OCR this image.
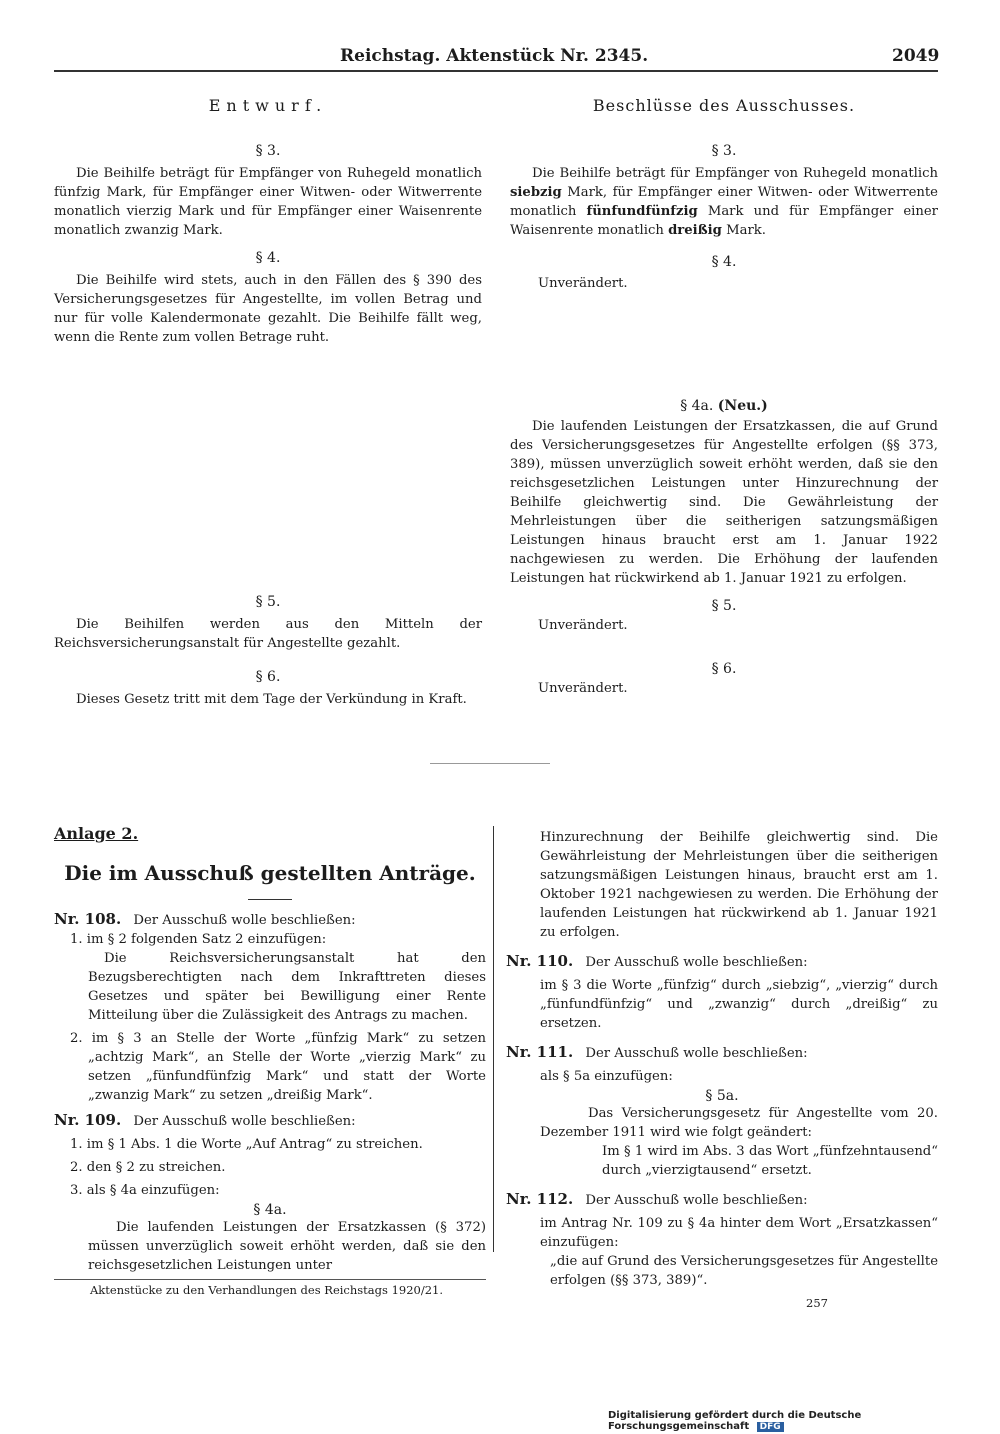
Reichstag. Aktenstück Nr. 2345.	2049
Entwurf.
§ 3.

Die Beihilfe beträgt für Empfänger von Ruhegeld monatlich fünfzig Mark, für Empfänger einer Witwen- oder Witwerrente monatlich vierzig Mark und für Empfänger einer Waisenrente monatlich zwanzig Mark.

§ 4.

Die Beihilfe wird stets, auch in den Fällen des § 390 des Versicherungsgesetzes für Angestellte, im vollen Betrag und nur für volle Kalendermonate gezahlt. Die Beihilfe fällt weg, wenn die Rente zum vollen Betrage ruht.

§ 5.

Die Beihilfen werden aus den Mitteln der Reichsversicherungsanstalt für Angestellte gezahlt.

§ 6.

Dieses Gesetz tritt mit dem Tage der Verkündung in Kraft.

Beschlüsse des Ausschusses.
§ 3.

Die Beihilfe beträgt für Empfänger von Ruhegeld monatlich siebzig Mark, für Empfänger einer Witwen- oder Witwerrente monatlich fünfundfünfzig Mark und für Empfänger einer Waisenrente monatlich dreißig Mark.

§ 4.

Unverändert.

§ 4a. (Neu.)

Die laufenden Leistungen der Ersatzkassen, die auf Grund des Versicherungsgesetzes für Angestellte erfolgen (§§ 373, 389), müssen unverzüglich soweit erhöht werden, daß sie den reichsgesetzlichen Leistungen unter Hinzurechnung der Beihilfe gleichwertig sind. Die Gewährleistung der Mehrleistungen über die seitherigen satzungsmäßigen Leistungen hinaus braucht erst am 1. Januar 1922 nachgewiesen zu werden. Die Erhöhung der laufenden Leistungen hat rückwirkend ab 1. Januar 1921 zu erfolgen.

§ 5.

Unverändert.

§ 6.

Unverändert.

Anlage 2.
Die im Ausschuß gestellten Anträge.

Nr. 108. Der Ausschuß wolle beschließen:

1. im § 2 folgenden Satz 2 einzufügen:

Die Reichsversicherungsanstalt hat den Bezugsberechtigten nach dem Inkrafttreten dieses Gesetzes und später bei Bewilligung einer Rente Mitteilung über die Zulässigkeit des Antrags zu machen.

2. im § 3 an Stelle der Worte „fünfzig Mark“ zu setzen „achtzig Mark“, an Stelle der Worte „vierzig Mark“ zu setzen „fünfundfünfzig Mark“ und statt der Worte „zwanzig Mark“ zu setzen „dreißig Mark“.

Nr. 109. Der Ausschuß wolle beschließen:

1. im § 1 Abs. 1 die Worte „Auf Antrag“ zu streichen.

2. den § 2 zu streichen.

3. als § 4a einzufügen:

§ 4a.

Die laufenden Leistungen der Ersatzkassen (§ 372) müssen unverzüglich soweit erhöht werden, daß sie den reichsgesetzlichen Leistungen unter

Aktenstücke zu den Verhandlungen des Reichstags 1920/21.

Hinzurechnung der Beihilfe gleichwertig sind. Die Gewährleistung der Mehrleistungen über die seitherigen satzungsmäßigen Leistungen hinaus, braucht erst am 1. Oktober 1921 nachgewiesen zu werden. Die Erhöhung der laufenden Leistungen hat rückwirkend ab 1. Januar 1921 zu erfolgen.

Nr. 110. Der Ausschuß wolle beschließen:

im § 3 die Worte „fünfzig“ durch „siebzig“, „vierzig“ durch „fünfundfünfzig“ und „zwanzig“ durch „dreißig“ zu ersetzen.

Nr. 111. Der Ausschuß wolle beschließen:

als § 5a einzufügen:

§ 5a.

Das Versicherungsgesetz für Angestellte vom 20. Dezember 1911 wird wie folgt geändert:

Im § 1 wird im Abs. 3 das Wort „fünfzehntausend“ durch „vierzigtausend“ ersetzt.

Nr. 112. Der Ausschuß wolle beschließen:

im Antrag Nr. 109 zu § 4a hinter dem Wort „Ersatzkassen“ einzufügen:

„die auf Grund des Versicherungsgesetzes für Angestellte erfolgen (§§ 373, 389)“.

257
Digitalisierung gefördert durch die Deutsche Forschungsgemeinschaft DFG
